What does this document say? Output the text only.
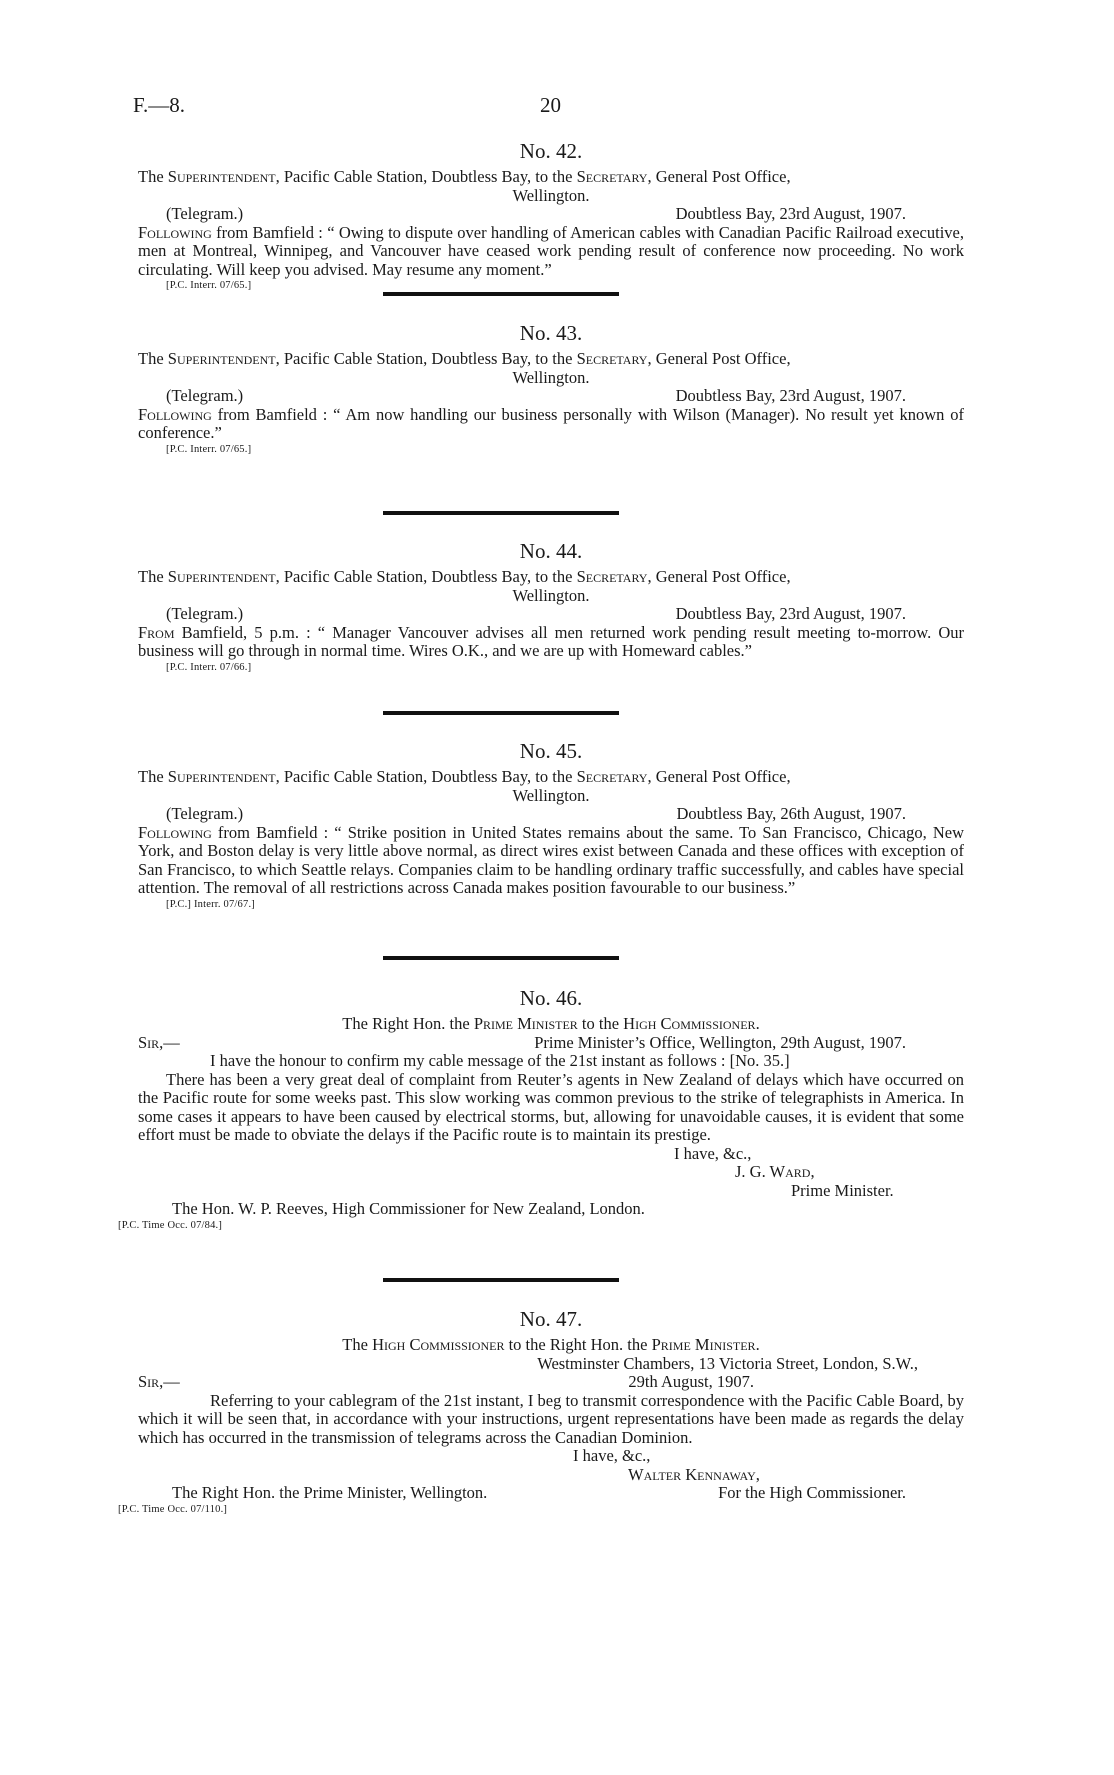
F.—8.	20
No. 42.
The Superintendent, Pacific Cable Station, Doubtless Bay, to the Secretary, General Post Office,
Wellington.
(Telegram.)	Doubtless Bay, 23rd August, 1907.
Following from Bamfield : “ Owing to dispute over handling of American cables with Canadian Pacific Railroad executive, men at Montreal, Winnipeg, and Vancouver have ceased work pending result of conference now proceeding. No work circulating. Will keep you advised. May resume any moment.”
[P.C. Interr. 07/65.]
No. 43.
The Superintendent, Pacific Cable Station, Doubtless Bay, to the Secretary, General Post Office,
Wellington.
(Telegram.)	Doubtless Bay, 23rd August, 1907.
Following from Bamfield : “ Am now handling our business personally with Wilson (Manager). No result yet known of conference.”
[P.C. Interr. 07/65.]
No. 44.
The Superintendent, Pacific Cable Station, Doubtless Bay, to the Secretary, General Post Office,
Wellington.
(Telegram.)	Doubtless Bay, 23rd August, 1907.
From Bamfield, 5 p.m. : “ Manager Vancouver advises all men returned work pending result meeting to-morrow. Our business will go through in normal time. Wires O.K., and we are up with Homeward cables.”
[P.C. Interr. 07/66.]
No. 45.
The Superintendent, Pacific Cable Station, Doubtless Bay, to the Secretary, General Post Office,
Wellington.
(Telegram.)	Doubtless Bay, 26th August, 1907.
Following from Bamfield : “ Strike position in United States remains about the same. To San Francisco, Chicago, New York, and Boston delay is very little above normal, as direct wires exist between Canada and these offices with exception of San Francisco, to which Seattle relays. Companies claim to be handling ordinary traffic successfully, and cables have special attention. The removal of all restrictions across Canada makes position favourable to our business.”
[P.C.] Interr. 07/67.]
No. 46.
The Right Hon. the Prime Minister to the High Commissioner.
Sir,—	Prime Minister’s Office, Wellington, 29th August, 1907.
I have the honour to confirm my cable message of the 21st instant as follows : [No. 35.]
There has been a very great deal of complaint from Reuter’s agents in New Zealand of delays which have occurred on the Pacific route for some weeks past. This slow working was common previous to the strike of telegraphists in America. In some cases it appears to have been caused by electrical storms, but, allowing for unavoidable causes, it is evident that some effort must be made to obviate the delays if the Pacific route is to maintain its prestige.
I have, &c.,
J. G. Ward,
Prime Minister.
The Hon. W. P. Reeves, High Commissioner for New Zealand, London.
[P.C. Time Occ. 07/84.]
No. 47.
The High Commissioner to the Right Hon. the Prime Minister.
Westminster Chambers, 13 Victoria Street, London, S.W.,
Sir,—	29th August, 1907.
Referring to your cablegram of the 21st instant, I beg to transmit correspondence with the Pacific Cable Board, by which it will be seen that, in accordance with your instructions, urgent representations have been made as regards the delay which has occurred in the transmission of telegrams across the Canadian Dominion.
I have, &c.,
Walter Kennaway,
The Right Hon. the Prime Minister, Wellington.	For the High Commissioner.
[P.C. Time Occ. 07/110.]
